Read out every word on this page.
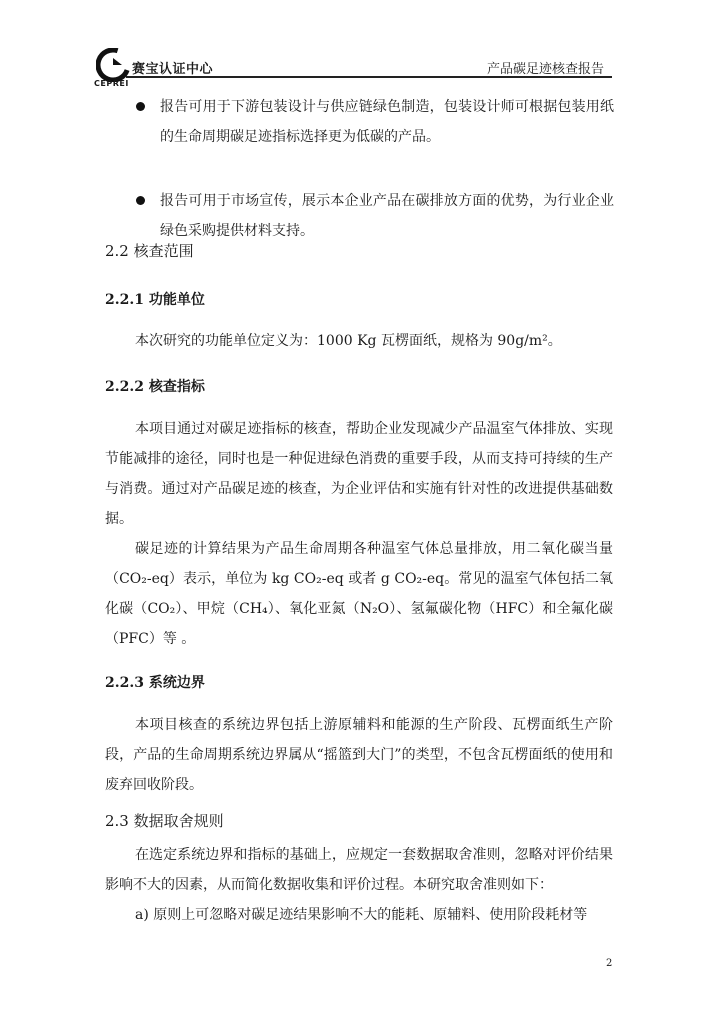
赛宝认证中心
CEPREI
产品碳足迹核查报告
报告可用于下游包装设计与供应链绿色制造，包装设计师可根据包装用纸的生命周期碳足迹指标选择更为低碳的产品。
报告可用于市场宣传，展示本企业产品在碳排放方面的优势，为行业企业绿色采购提供材料支持。
2.2 核查范围
2.2.1 功能单位
本次研究的功能单位定义为：1000 Kg 瓦楞面纸，规格为 90g/m²。
2.2.2 核查指标
本项目通过对碳足迹指标的核查，帮助企业发现减少产品温室气体排放、实现节能减排的途径，同时也是一种促进绿色消费的重要手段，从而支持可持续的生产与消费。通过对产品碳足迹的核查，为企业评估和实施有针对性的改进提供基础数据。
碳足迹的计算结果为产品生命周期各种温室气体总量排放，用二氧化碳当量（CO₂-eq）表示，单位为 kg CO₂-eq 或者 g CO₂-eq。常见的温室气体包括二氧化碳（CO₂）、甲烷（CH₄）、氧化亚氮（N₂O）、氢氟碳化物（HFC）和全氟化碳（PFC）等 。
2.2.3 系统边界
本项目核查的系统边界包括上游原辅料和能源的生产阶段、瓦楞面纸生产阶段，产品的生命周期系统边界属从“摇篮到大门”的类型，不包含瓦楞面纸的使用和废弃回收阶段。
2.3 数据取舍规则
在选定系统边界和指标的基础上，应规定一套数据取舍准则，忽略对评价结果影响不大的因素，从而简化数据收集和评价过程。本研究取舍准则如下：
a) 原则上可忽略对碳足迹结果影响不大的能耗、原辅料、使用阶段耗材等
2
